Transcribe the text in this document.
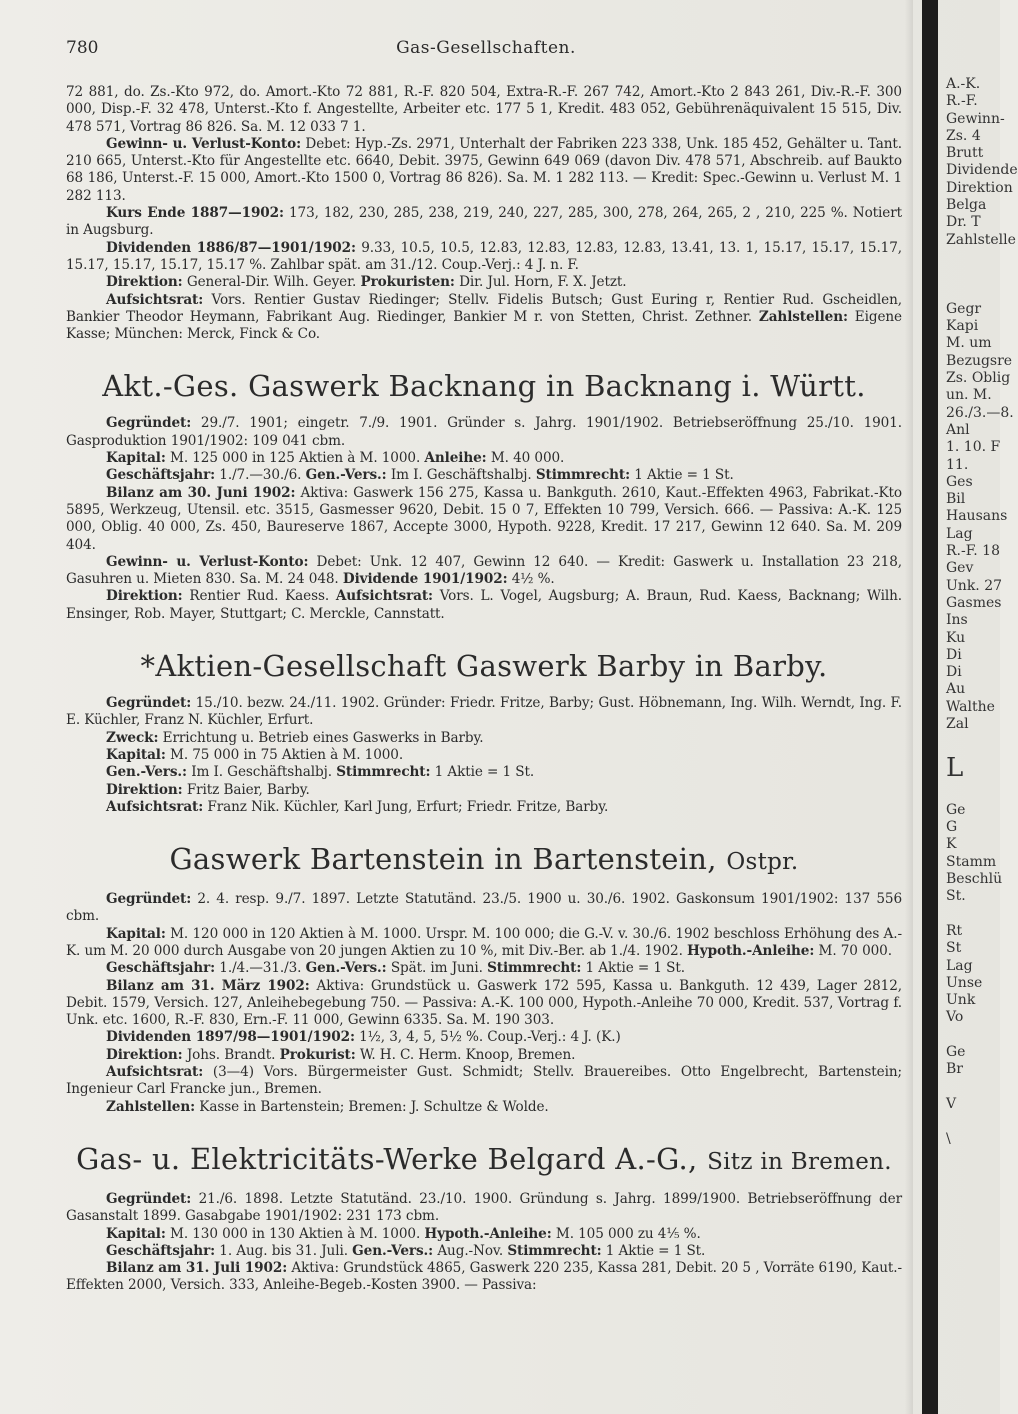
780	Gas-Gesellschaften.

72 881, do. Zs.-Kto 972, do. Amort.-Kto 72 881, R.-F. 820 504, Extra-R.-F. 267 742, Amort.-Kto 2 843 261, Div.-R.-F. 300 000, Disp.-F. 32 478, Unterst.-Kto f. Angestellte, Arbeiter etc. 177 5 1, Kredit. 483 052, Gebührenäquivalent 15 515, Div. 478 571, Vortrag 86 826. Sa. M. 12 033 7 1.

Gewinn- u. Verlust-Konto: Debet: Hyp.-Zs. 2971, Unterhalt der Fabriken 223 338, Unk. 185 452, Gehälter u. Tant. 210 665, Unterst.-Kto für Angestellte etc. 6640, Debit. 3975, Gewinn 649 069 (davon Div. 478 571, Abschreib. auf Baukto 68 186, Unterst.-F. 15 000, Amort.-Kto 1500 0, Vortrag 86 826). Sa. M. 1 282 113. — Kredit: Spec.-Gewinn u. Verlust M. 1 282 113.

Kurs Ende 1887—1902: 173, 182, 230, 285, 238, 219, 240, 227, 285, 300, 278, 264, 265, 2 , 210, 225 %. Notiert in Augsburg.

Dividenden 1886/87—1901/1902: 9.33, 10.5, 10.5, 12.83, 12.83, 12.83, 12.83, 13.41, 13. 1, 15.17, 15.17, 15.17, 15.17, 15.17, 15.17, 15.17 %. Zahlbar spät. am 31./12. Coup.-Verj.: 4 J. n. F.

Direktion: General-Dir. Wilh. Geyer. Prokuristen: Dir. Jul. Horn, F. X. Jetzt.

Aufsichtsrat: Vors. Rentier Gustav Riedinger; Stellv. Fidelis Butsch; Gust Euring r, Rentier Rud. Gscheidlen, Bankier Theodor Heymann, Fabrikant Aug. Riedinger, Bankier M r. von Stetten, Christ. Zethner. Zahlstellen: Eigene Kasse; München: Merck, Finck & Co.

Akt.-Ges. Gaswerk Backnang in Backnang i. Württ.

Gegründet: 29./7. 1901; eingetr. 7./9. 1901. Gründer s. Jahrg. 1901/1902. Betriebseröffnung 25./10. 1901. Gasproduktion 1901/1902: 109 041 cbm.

Kapital: M. 125 000 in 125 Aktien à M. 1000. Anleihe: M. 40 000.

Geschäftsjahr: 1./7.—30./6. Gen.-Vers.: Im I. Geschäftshalbj. Stimmrecht: 1 Aktie = 1 St.

Bilanz am 30. Juni 1902: Aktiva: Gaswerk 156 275, Kassa u. Bankguth. 2610, Kaut.-Effekten 4963, Fabrikat.-Kto 5895, Werkzeug, Utensil. etc. 3515, Gasmesser 9620, Debit. 15 0 7, Effekten 10 799, Versich. 666. — Passiva: A.-K. 125 000, Oblig. 40 000, Zs. 450, Baureserve 1867, Accepte 3000, Hypoth. 9228, Kredit. 17 217, Gewinn 12 640. Sa. M. 209 404.

Gewinn- u. Verlust-Konto: Debet: Unk. 12 407, Gewinn 12 640. — Kredit: Gaswerk u. Installation 23 218, Gasuhren u. Mieten 830. Sa. M. 24 048. Dividende 1901/1902: 4½ %.

Direktion: Rentier Rud. Kaess. Aufsichtsrat: Vors. L. Vogel, Augsburg; A. Braun, Rud. Kaess, Backnang; Wilh. Ensinger, Rob. Mayer, Stuttgart; C. Merckle, Cannstatt.

*Aktien-Gesellschaft Gaswerk Barby in Barby.

Gegründet: 15./10. bezw. 24./11. 1902. Gründer: Friedr. Fritze, Barby; Gust. Höbnemann, Ing. Wilh. Werndt, Ing. F. E. Küchler, Franz N. Küchler, Erfurt.

Zweck: Errichtung u. Betrieb eines Gaswerks in Barby.

Kapital: M. 75 000 in 75 Aktien à M. 1000.

Gen.-Vers.: Im I. Geschäftshalbj. Stimmrecht: 1 Aktie = 1 St.

Direktion: Fritz Baier, Barby.

Aufsichtsrat: Franz Nik. Küchler, Karl Jung, Erfurt; Friedr. Fritze, Barby.

Gaswerk Bartenstein in Bartenstein, Ostpr.

Gegründet: 2. 4. resp. 9./7. 1897. Letzte Statutänd. 23./5. 1900 u. 30./6. 1902. Gaskonsum 1901/1902: 137 556 cbm.

Kapital: M. 120 000 in 120 Aktien à M. 1000. Urspr. M. 100 000; die G.-V. v. 30./6. 1902 beschloss Erhöhung des A.-K. um M. 20 000 durch Ausgabe von 20 jungen Aktien zu 10 %, mit Div.-Ber. ab 1./4. 1902. Hypoth.-Anleihe: M. 70 000.

Geschäftsjahr: 1./4.—31./3. Gen.-Vers.: Spät. im Juni. Stimmrecht: 1 Aktie = 1 St.

Bilanz am 31. März 1902: Aktiva: Grundstück u. Gaswerk 172 595, Kassa u. Bankguth. 12 439, Lager 2812, Debit. 1579, Versich. 127, Anleihebegebung 750. — Passiva: A.-K. 100 000, Hypoth.-Anleihe 70 000, Kredit. 537, Vortrag f. Unk. etc. 1600, R.-F. 830, Ern.-F. 11 000, Gewinn 6335. Sa. M. 190 303.

Dividenden 1897/98—1901/1902: 1½, 3, 4, 5, 5½ %. Coup.-Verj.: 4 J. (K.)

Direktion: Johs. Brandt. Prokurist: W. H. C. Herm. Knoop, Bremen.

Aufsichtsrat: (3—4) Vors. Bürgermeister Gust. Schmidt; Stellv. Brauereibes. Otto Engelbrecht, Bartenstein; Ingenieur Carl Francke jun., Bremen.

Zahlstellen: Kasse in Bartenstein; Bremen: J. Schultze & Wolde.

Gas- u. Elektricitäts-Werke Belgard A.-G., Sitz in Bremen.

Gegründet: 21./6. 1898. Letzte Statutänd. 23./10. 1900. Gründung s. Jahrg. 1899/1900. Betriebseröffnung der Gasanstalt 1899. Gasabgabe 1901/1902: 231 173 cbm.

Kapital: M. 130 000 in 130 Aktien à M. 1000. Hypoth.-Anleihe: M. 105 000 zu 4⅕ %.

Geschäftsjahr: 1. Aug. bis 31. Juli. Gen.-Vers.: Aug.-Nov. Stimmrecht: 1 Aktie = 1 St.

Bilanz am 31. Juli 1902: Aktiva: Grundstück 4865, Gaswerk 220 235, Kassa 281, Debit. 20 5 , Vorräte 6190, Kaut.-Effekten 2000, Versich. 333, Anleihe-Begeb.-Kosten 3900. — Passiva:

A.-K.
R.-F.
Gewinn-
Zs. 4
Brutt
Dividende
Direktion
Belga
Dr. T
Zahlstelle
Gegr
Kapi
M. um
Bezugsre
Zs. Oblig
un. M.
26./3.—8.
Anl
1. 10. F
11.
Ges
Bil
Hausans
Lag
R.-F. 18
Gev
Unk. 27
Gasmes
Ins
Ku
Di
Di
Au
Walthe
Zal
L
Ge
G
K
Stamm
Beschlü
St.
Rt
St
Lag
Unse
Unk
Vo
Ge
Br
V
\
